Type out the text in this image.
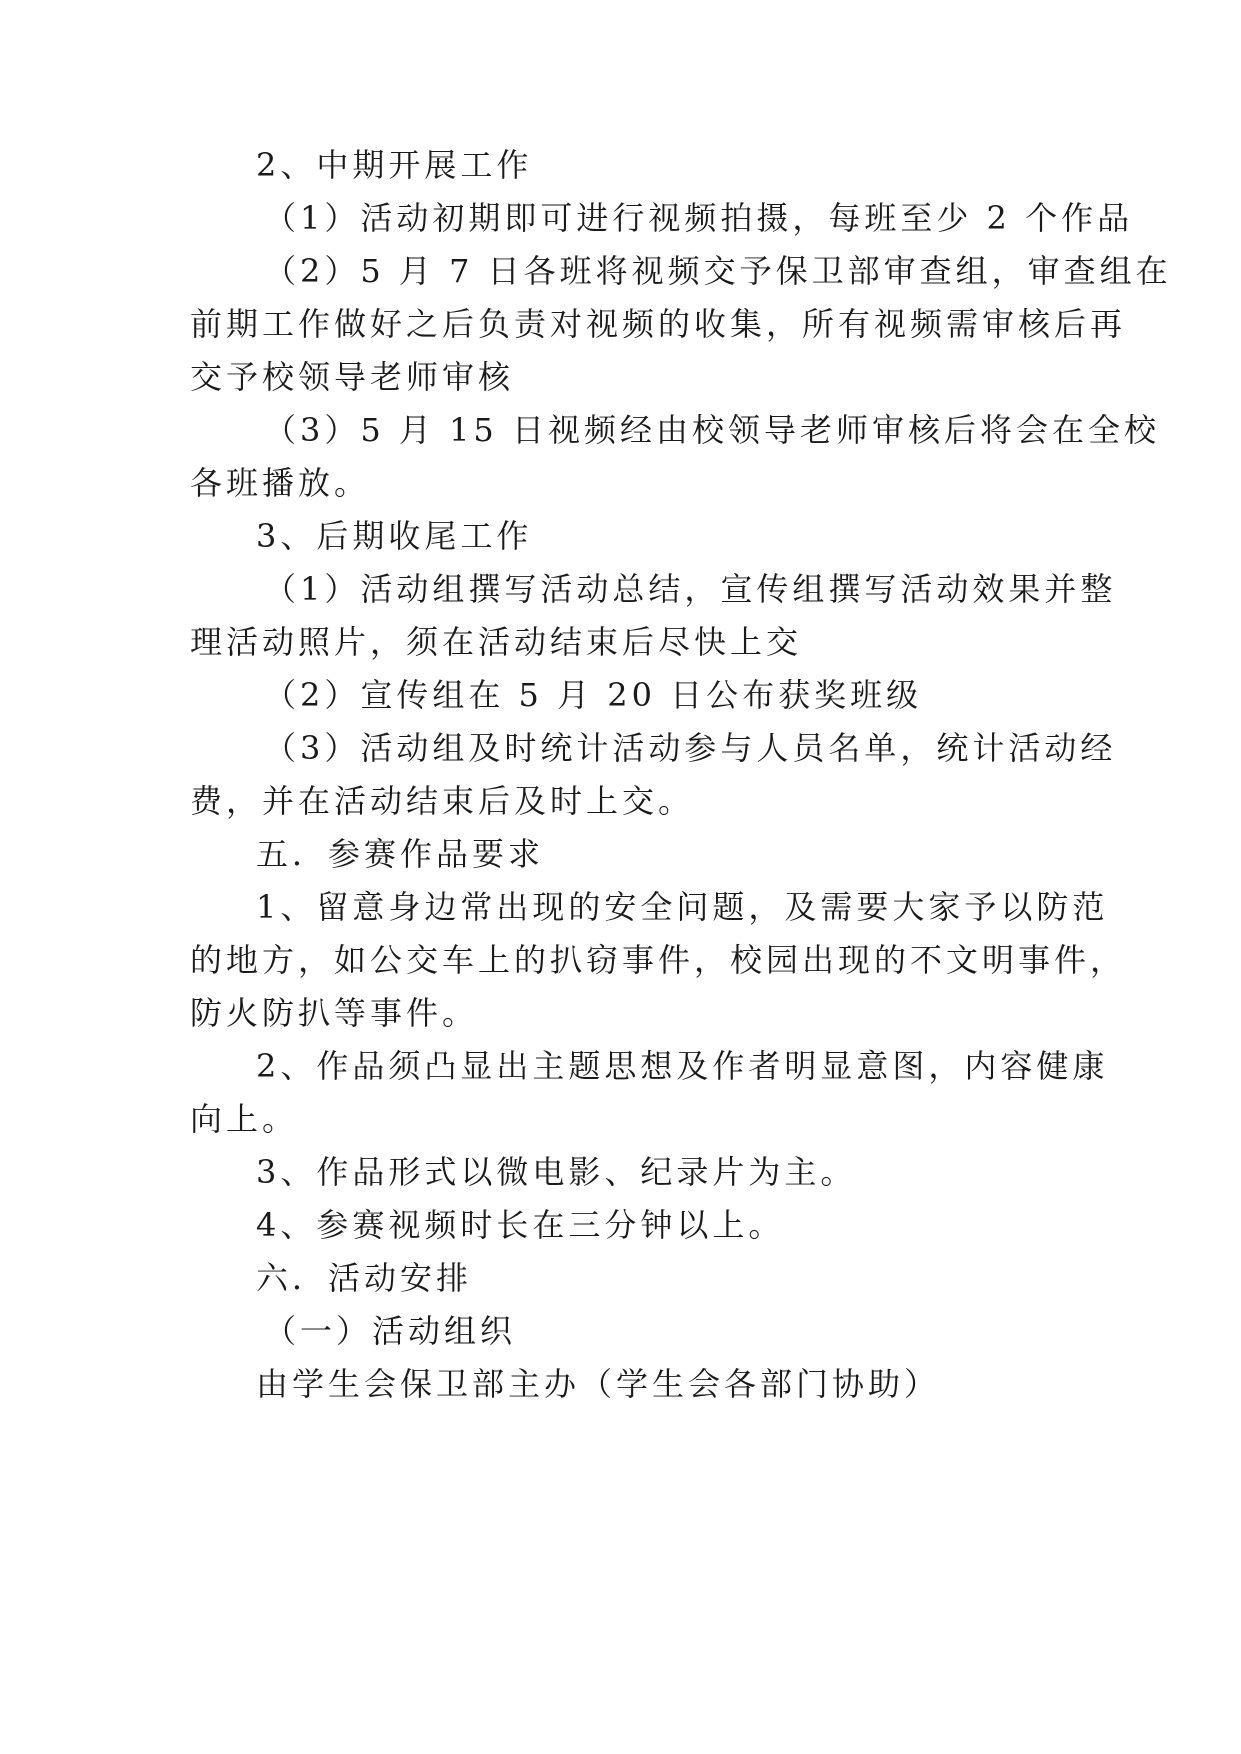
2、中期开展工作
（1）活动初期即可进行视频拍摄，每班至少 2 个作品
（2）5 月 7 日各班将视频交予保卫部审查组，审查组在
前期工作做好之后负责对视频的收集，所有视频需审核后再
交予校领导老师审核
（3）5 月 15 日视频经由校领导老师审核后将会在全校
各班播放。
3、后期收尾工作
（1）活动组撰写活动总结，宣传组撰写活动效果并整
理活动照片，须在活动结束后尽快上交
（2）宣传组在 5 月 20 日公布获奖班级
（3）活动组及时统计活动参与人员名单，统计活动经
费，并在活动结束后及时上交。
五．参赛作品要求
1、留意身边常出现的安全问题，及需要大家予以防范
的地方，如公交车上的扒窃事件，校园出现的不文明事件，
防火防扒等事件。
2、作品须凸显出主题思想及作者明显意图，内容健康
向上。
3、作品形式以微电影、纪录片为主。
4、参赛视频时长在三分钟以上。
六．活动安排
（一）活动组织
由学生会保卫部主办（学生会各部门协助）
